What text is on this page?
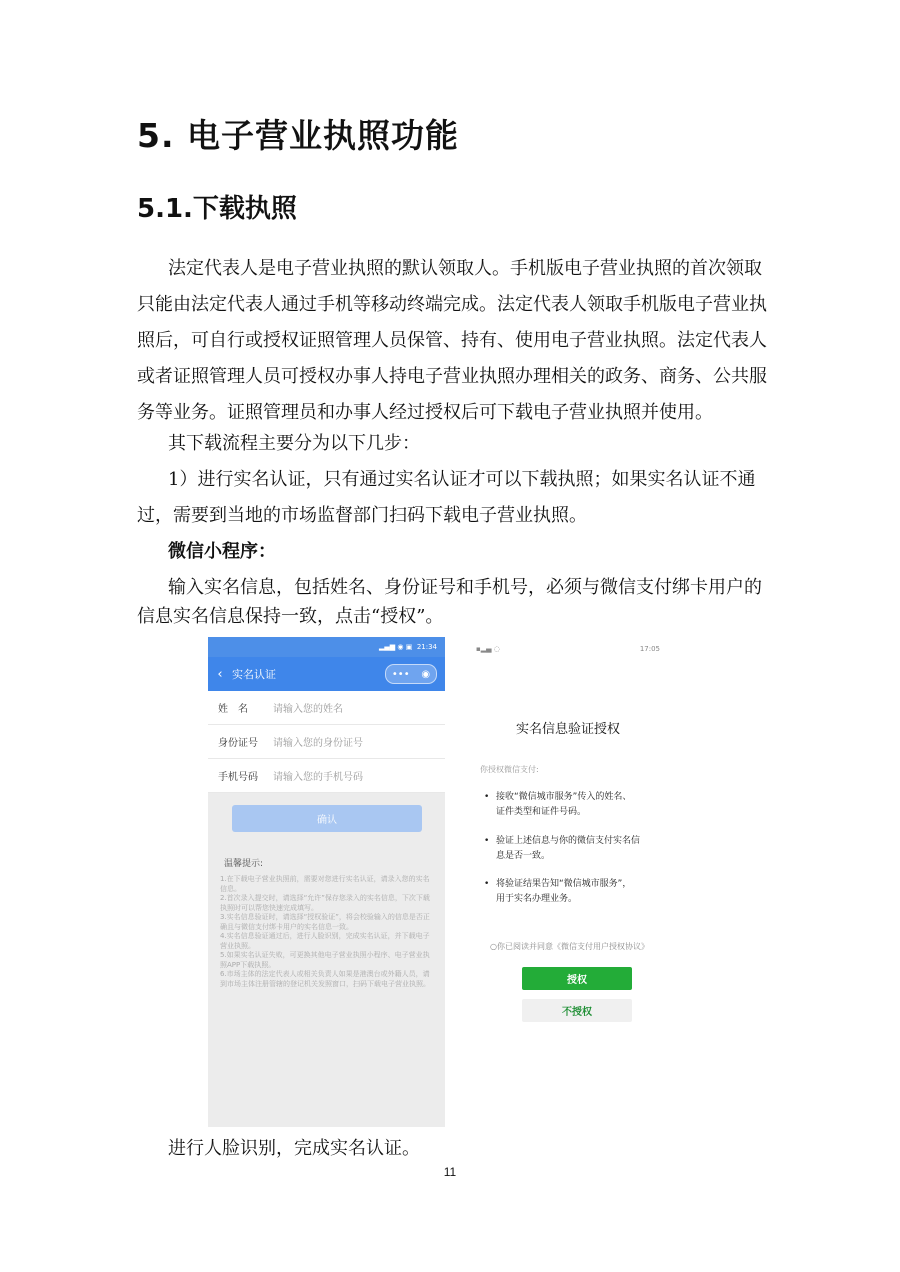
5. 电子营业执照功能
5.1.下载执照
法定代表人是电子营业执照的默认领取人。手机版电子营业执照的首次领取
只能由法定代表人通过手机等移动终端完成。法定代表人领取手机版电子营业执
照后，可自行或授权证照管理人员保管、持有、使用电子营业执照。法定代表人
或者证照管理人员可授权办事人持电子营业执照办理相关的政务、商务、公共服
务等业务。证照管理员和办事人经过授权后可下载电子营业执照并使用。
其下载流程主要分为以下几步：
1）进行实名认证，只有通过实名认证才可以下载执照；如果实名认证不通
过，需要到当地的市场监督部门扫码下载电子营业执照。
微信小程序：
输入实名信息，包括姓名、身份证号和手机号，必须与微信支付绑卡用户的
信息实名信息保持一致，点击“授权”。
▂▄▆ ◉ ▣ 21:34
‹ 实名认证	••• ◉
姓　名	请输入您的姓名
身份证号	请输入您的身份证号
手机号码	请输入您的手机号码
确认
温馨提示:
1.在下载电子营业执照前，需要对您进行实名认证，请录入您的实名信息。
2.首次录入提交时，请选择“允许”保存您录入的实名信息，下次下载执照时可以帮您快速完成填写。
3.实名信息验证时，请选择“授权验证”，将会校验输入的信息是否正确且与微信支付绑卡用户的实名信息一致。
4.实名信息验证通过后，进行人脸识别，完成实名认证，并下载电子营业执照。
5.如果实名认证失败，可更换其他电子营业执照小程序、电子营业执照APP下载执照。
6.市场主体的法定代表人或相关负责人如果是港澳台或外籍人员，请到市场主体注册管辖的登记机关发照窗口，扫码下载电子营业执照。
▪▂▄ ◌	17:05
实名信息验证授权
你授权微信支付:
• 接收“微信城市服务”传入的姓名、
证件类型和证件号码。
• 验证上述信息与你的微信支付实名信
息是否一致。
• 将验证结果告知“微信城市服务”，
用于实名办理业务。
○你已阅读并同意《微信支付用户授权协议》
授权
不授权
进行人脸识别，完成实名认证。
11
